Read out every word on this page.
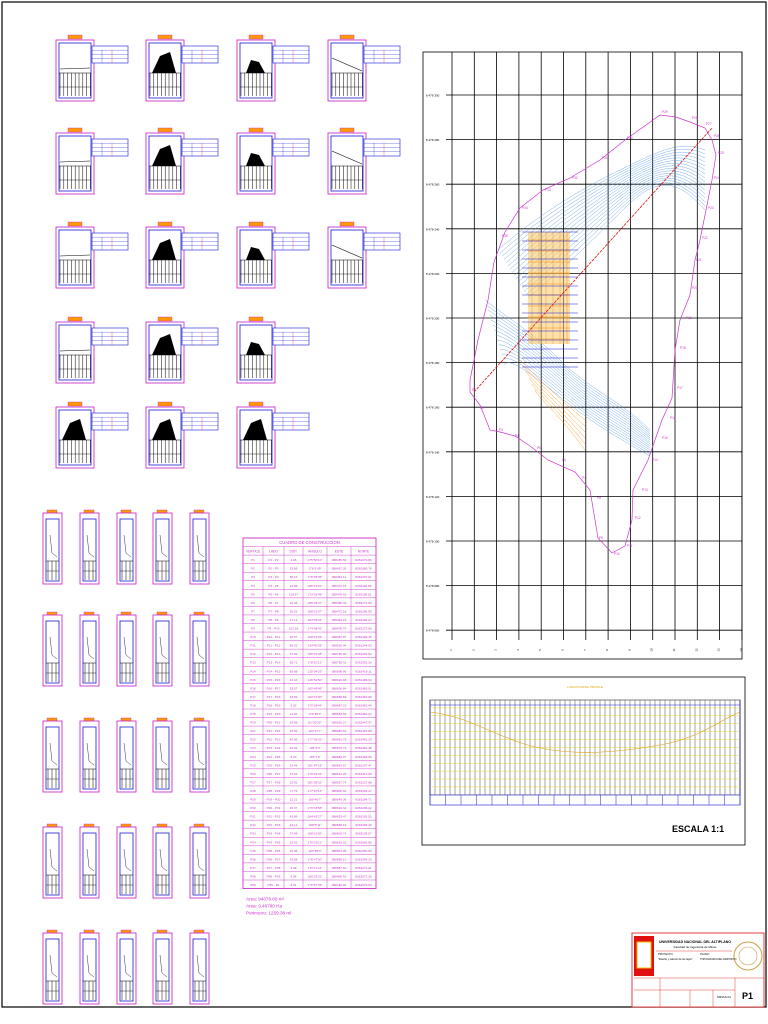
8 478 300
8 478 280
8 478 260
8 478 240
8 478 220
8 478 200
8 478 180
8 478 160
8 478 140
8 478 120
8 478 100
8 478 080
8 478 060
1	2	3	4	5	6	7	8	9	10	11	12	13	14
P1
P2
P3
P4
P5
P6
P7
P8
P9
P10
P11
P12
P13
P14
P15
P16
P17
P18
P19
P20
P21
P22
P23
P24
P25
P26
P27
P28
P29
P30
P31
P32
P33
P34
P35
CUADRO DE CONSTRUCCION
VERTICE	LADO	DIST.	ANGULO	ESTE	NORTE
P1	P1 - P2	4.06	175°50'10"	388435.56	8281079.86
P2	P2 - P3	23.95	178°1'49"	388437.35	8281080.76
P3	P3 - P4	36.16	176°35'35"	388451.11	8281097.61
P4	P4 - P5	12.86	186°13'32"	388472.18	8281118.86
P5	P5 - P6	118.57	173°31'49"	388478.63	8281128.81
P6	P6 - P7	16.46	185°28'47"	388486.46	8281174.80
P7	P7 - P8	26.53	188°21'57"	388472.18	8281186.99
P8	P8 - P9	17.12	184°49'24"	388493.22	8281199.22
P9	P9 - P10	101.18	174°38'41"	388478.70	8281275.65
P10	P10 - P11	26.57	158°14'49"	388487.87	8281299.45
P11	P11 - P12	85.32	134°40'29"	388526.44	8281344.02
P12	P12 - P13	37.02	185°37'48"	388728.90	8281332.52
P13	P13 - P14	68.73	178°10'13"	388726.41	8281392.26
P14	P14 - P15	56.68	135°34'25"	388598.96	8281418.11
P15	P15 - P16	13.43	146°52'50"	388629.88	8281488.64
P16	P16 - P17	23.57	165°49'49"	388636.84	8281465.91
P17	P17 - P18	23.59	160°19'30"	388658.59	8281463.60
P18	P18 - P19	6.52	172°28'44"	388667.22	8281462.44
P19	P19 - P20	11.26	176°55'0"	388683.56	8281452.23
P20	P20 - P21	26.58	81°30'20"	388016.27	8281447.47
P21	P21 - P22	23.52	184°47'7"	388686.52	8281423.88
P22	P22 - P23	45.66	177°39'33"	388691.75	8281401.30
P23	P23 - P24	16.82	184°6'3"	388679.79	8281381.38
P24	P24 - P25	9.23	183°1'6"	388684.07	8281368.65
P25	P25 - P26	23.44	181°47'15"	388663.57	8281337.47
P26	P26 - P27	37.62	179°24'44"	388613.28	8281313.60
P27	P27 - P28	15.93	181°38'33"	388627.74	8281237.88
P28	P28 - P29	17.76	177°10'13"	388600.92	8281199.47
P29	P29 - P30	12.21	180°40'7"	388649.36	8281184.71
P30	P30 - P31	15.07	176°18'58"	388619.34	8281206.22
P31	P31 - P32	43.06	184°42'27"	388623.47	8281155.55
P32	P32 - P33	24.12	188°5'11"	388668.19	8281169.40
P33	P33 - P34	37.48	188°13'36"	388603.74	8281138.57
P34	P34 - P35	23.03	176°25'11"	388615.02	8281082.86
P35	P35 - P36	15.35	183°58'0"	388601.95	8281050.83
P36	P36 - P37	19.58	176°47'50"	388586.10	8281054.25
P37	P37 - P38	4.68	176°11'12"	388567.50	8281076.21
P38	P38 - P39	5.54	180°33'22"	388496.92	8281072.26
P39	P39 - P1	8.61	176°57'45"	388446.92	8281079.63
Area: 94678.80 m²
Area: 9.46780 Ha
Perimetro: 1259.38 ml
LONGITUDINAL PROFILE
ESCALA 1:1
UNIVERSIDAD NACIONAL DEL ALTIPLANO
Facultad de Ingenieria de Minas
PROYECTO:
"Diseño y calculo de los tajos"
PLANO:
TOPOGRAFIA DEL DEPOSITO
MINAS-01 P1
